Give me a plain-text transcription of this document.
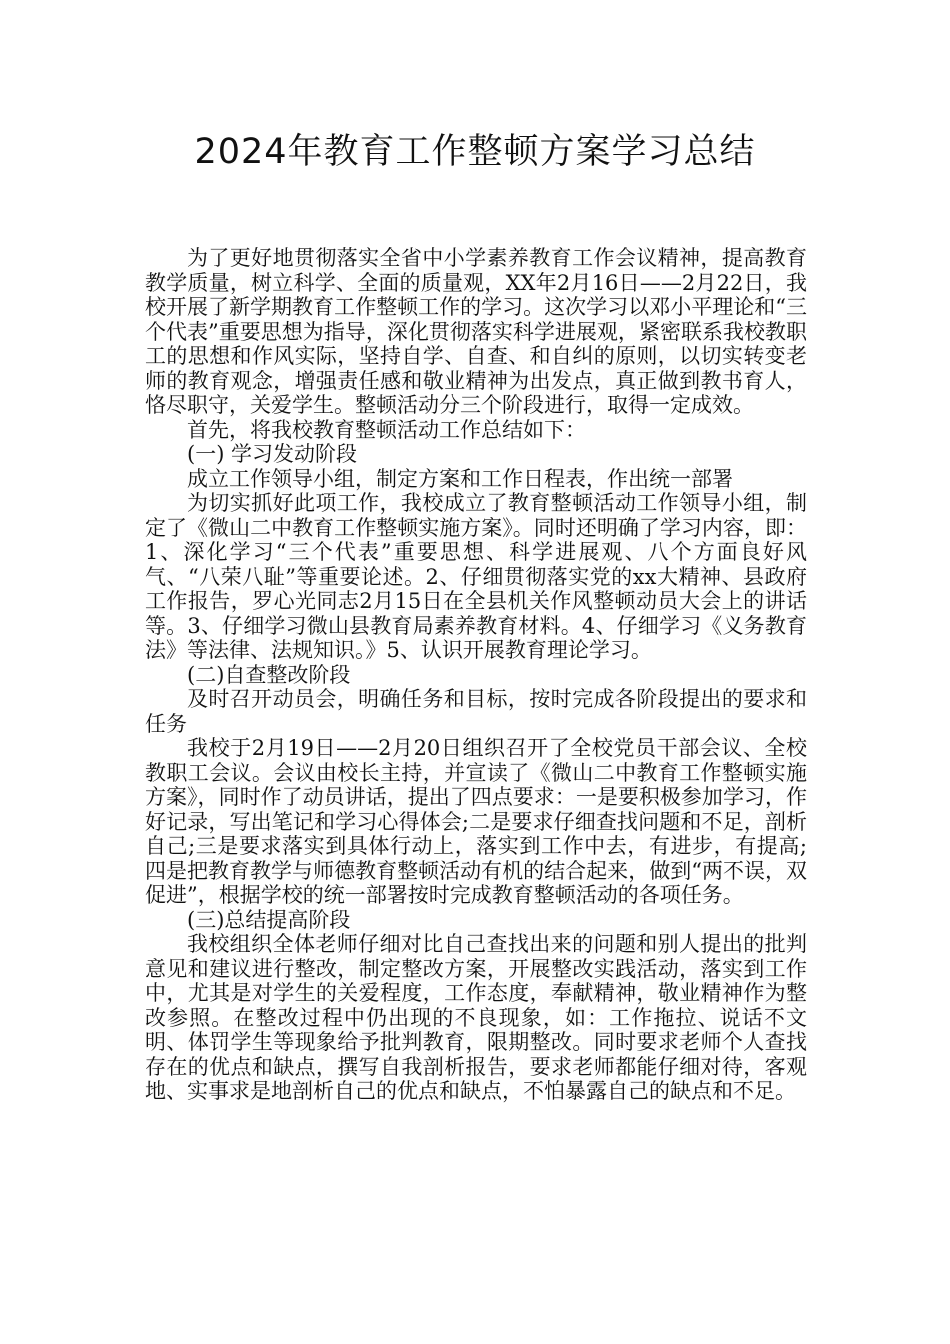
2024年教育工作整顿方案学习总结

为了更好地贯彻落实全省中小学素养教育工作会议精神，提高教育教学质量，树立科学、全面的质量观，XX年2月16日——2月22日，我校开展了新学期教育工作整顿工作的学习。这次学习以邓小平理论和“三个代表”重要思想为指导，深化贯彻落实科学进展观，紧密联系我校教职工的思想和作风实际，坚持自学、自查、和自纠的原则，以切实转变老师的教育观念，增强责任感和敬业精神为出发点，真正做到教书育人，恪尽职守，关爱学生。整顿活动分三个阶段进行，取得一定成效。

首先，将我校教育整顿活动工作总结如下：

(一) 学习发动阶段

成立工作领导小组，制定方案和工作日程表，作出统一部署

为切实抓好此项工作，我校成立了教育整顿活动工作领导小组，制定了《微山二中教育工作整顿实施方案》。同时还明确了学习内容，即：1、深化学习“三个代表”重要思想、科学进展观、八个方面良好风气、“八荣八耻”等重要论述。2、仔细贯彻落实党的xx大精神、县政府工作报告，罗心光同志2月15日在全县机关作风整顿动员大会上的讲话等。3、仔细学习微山县教育局素养教育材料。4、仔细学习《义务教育法》等法律、法规知识。》5、认识开展教育理论学习。

(二)自查整改阶段

及时召开动员会，明确任务和目标，按时完成各阶段提出的要求和任务

我校于2月19日——2月20日组织召开了全校党员干部会议、全校教职工会议。会议由校长主持，并宣读了《微山二中教育工作整顿实施方案》，同时作了动员讲话，提出了四点要求：一是要积极参加学习，作好记录，写出笔记和学习心得体会;二是要求仔细查找问题和不足，剖析自己;三是要求落实到具体行动上，落实到工作中去，有进步，有提高;四是把教育教学与师德教育整顿活动有机的结合起来，做到“两不误，双促进”，根据学校的统一部署按时完成教育整顿活动的各项任务。

(三)总结提高阶段

我校组织全体老师仔细对比自己查找出来的问题和别人提出的批判意见和建议进行整改，制定整改方案，开展整改实践活动，落实到工作中，尤其是对学生的关爱程度，工作态度，奉献精神，敬业精神作为整改参照。在整改过程中仍出现的不良现象，如：工作拖拉、说话不文明、体罚学生等现象给予批判教育，限期整改。同时要求老师个人查找存在的优点和缺点，撰写自我剖析报告，要求老师都能仔细对待，客观地、实事求是地剖析自己的优点和缺点，不怕暴露自己的缺点和不足。
